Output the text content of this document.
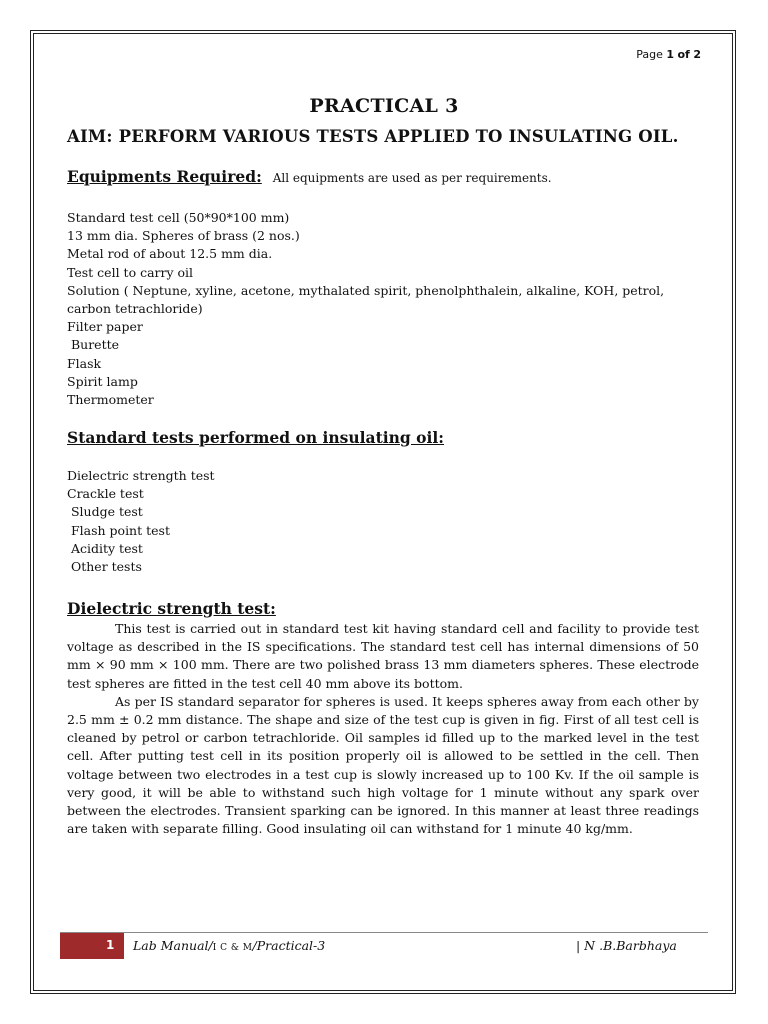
Page 1 of 2
PRACTICAL 3
AIM: PERFORM VARIOUS TESTS APPLIED TO INSULATING OIL.
Equipments Required: All equipments are used as per requirements.
Standard test cell (50*90*100 mm)
13 mm dia. Spheres of brass (2 nos.)
Metal rod of about 12.5 mm dia.
Test cell to carry oil
Solution ( Neptune, xyline, acetone, mythalated spirit, phenolphthalein, alkaline, KOH, petrol,
carbon tetrachloride)
Filter paper
Burette
Flask
Spirit lamp
Thermometer
Standard tests performed on insulating oil:
Dielectric strength test
Crackle test
Sludge test
Flash point test
Acidity test
Other tests
Dielectric strength test:

This test is carried out in standard test kit having standard cell and facility to provide test voltage as described in the IS specifications. The standard test cell has internal dimensions of 50 mm × 90 mm × 100 mm. There are two polished brass 13 mm diameters spheres. These electrode test spheres are fitted in the test cell 40 mm above its bottom.

As per IS standard separator for spheres is used. It keeps spheres away from each other by 2.5 mm ± 0.2 mm distance. The shape and size of the test cup is given in fig. First of all test cell is cleaned by petrol or carbon tetrachloride. Oil samples id filled up to the marked level in the test cell. After putting test cell in its position properly oil is allowed to be settled in the cell. Then voltage between two electrodes in a test cup is slowly increased up to 100 Kv. If the oil sample is very good, it will be able to withstand such high voltage for 1 minute without any spark over between the electrodes. Transient sparking can be ignored. In this manner at least three readings are taken with separate filling. Good insulating oil can withstand for 1 minute 40 kg/mm.

1 Lab Manual/I C & M/Practical-3	| N .B.Barbhaya
